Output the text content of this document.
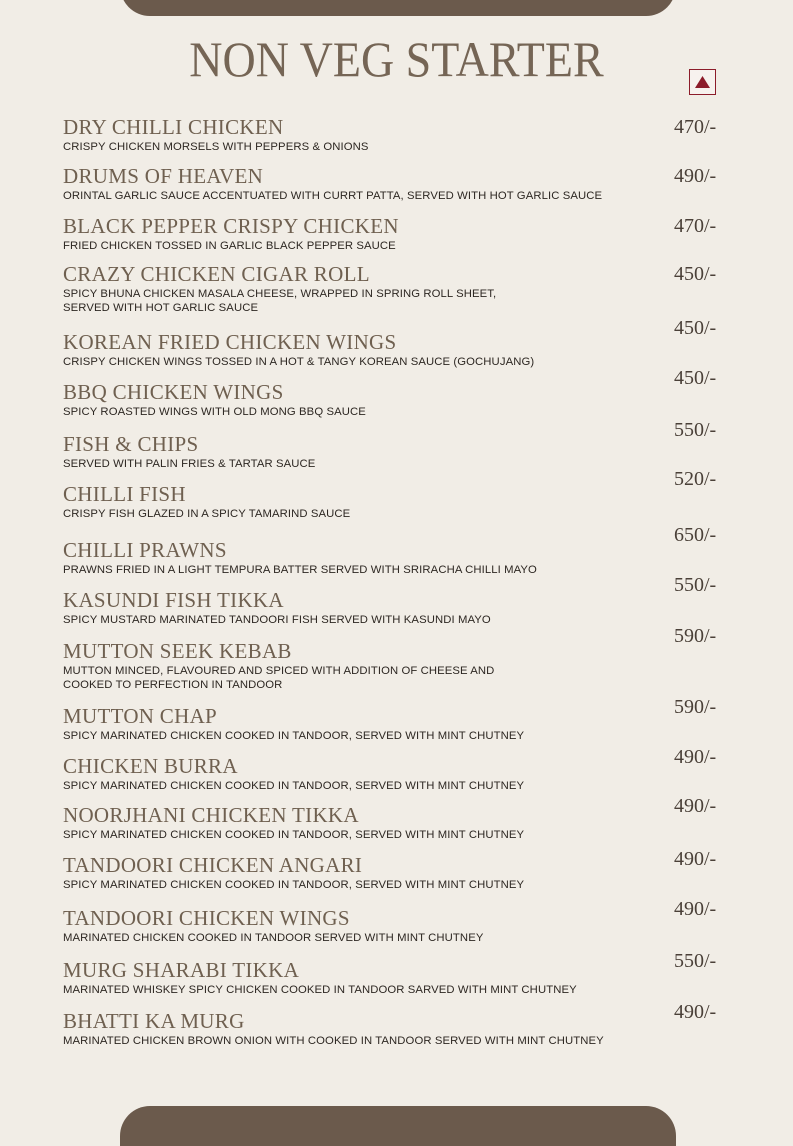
NON VEG STARTER
DRY CHILLI CHICKEN
CRISPY CHICKEN MORSELS WITH PEPPERS & ONIONS
470/-
DRUMS OF HEAVEN
ORINTAL GARLIC SAUCE ACCENTUATED WITH CURRT PATTA, SERVED WITH HOT GARLIC SAUCE
490/-
BLACK PEPPER CRISPY CHICKEN
FRIED CHICKEN TOSSED IN GARLIC BLACK PEPPER SAUCE
470/-
CRAZY CHICKEN CIGAR ROLL
SPICY BHUNA CHICKEN MASALA CHEESE, WRAPPED IN SPRING ROLL SHEET, SERVED WITH HOT GARLIC SAUCE
450/-
KOREAN FRIED CHICKEN WINGS
CRISPY CHICKEN WINGS TOSSED IN A HOT & TANGY KOREAN SAUCE (GOCHUJANG)
450/-
BBQ CHICKEN WINGS
SPICY ROASTED WINGS WITH OLD MONG BBQ SAUCE
450/-
FISH & CHIPS
SERVED WITH PALIN FRIES & TARTAR SAUCE
550/-
CHILLI FISH
CRISPY FISH GLAZED IN A SPICY TAMARIND SAUCE
520/-
CHILLI PRAWNS
PRAWNS FRIED IN A LIGHT TEMPURA BATTER SERVED WITH SRIRACHA CHILLI MAYO
650/-
KASUNDI FISH TIKKA
SPICY MUSTARD MARINATED TANDOORI FISH SERVED WITH KASUNDI MAYO
550/-
MUTTON SEEK KEBAB
MUTTON MINCED, FLAVOURED AND SPICED WITH ADDITION OF CHEESE AND COOKED TO PERFECTION IN TANDOOR
590/-
MUTTON CHAP
SPICY MARINATED CHICKEN COOKED IN TANDOOR, SERVED WITH MINT CHUTNEY
590/-
CHICKEN BURRA
SPICY MARINATED CHICKEN COOKED IN TANDOOR, SERVED WITH MINT CHUTNEY
490/-
NOORJHANI CHICKEN TIKKA
SPICY MARINATED CHICKEN COOKED IN TANDOOR, SERVED WITH MINT CHUTNEY
490/-
TANDOORI CHICKEN ANGARI
SPICY MARINATED CHICKEN COOKED IN TANDOOR, SERVED WITH MINT CHUTNEY
490/-
TANDOORI CHICKEN WINGS
MARINATED CHICKEN COOKED IN TANDOOR SERVED WITH MINT CHUTNEY
490/-
MURG SHARABI TIKKA
MARINATED WHISKEY SPICY CHICKEN COOKED IN TANDOOR SARVED WITH MINT CHUTNEY
550/-
BHATTI KA MURG
MARINATED CHICKEN BROWN ONION WITH COOKED IN TANDOOR SERVED WITH MINT CHUTNEY
490/-
